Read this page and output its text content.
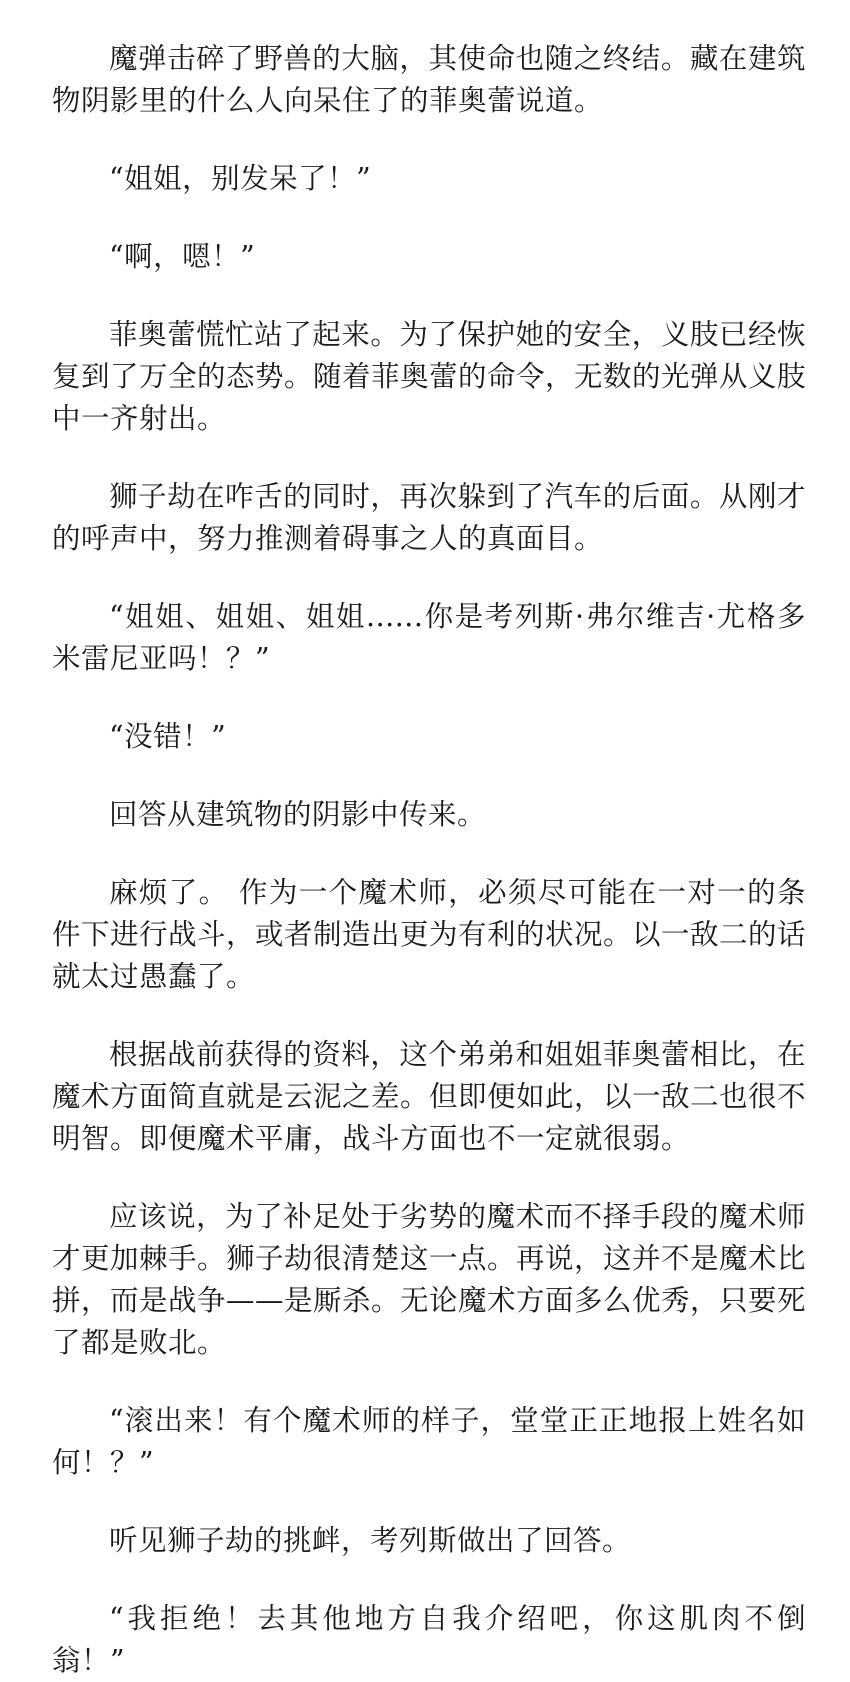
魔弹击碎了野兽的大脑，其使命也随之终结。藏在建筑物阴影里的什么人向呆住了的菲奥蕾说道。

“姐姐，别发呆了！”

“啊，嗯！”

菲奥蕾慌忙站了起来。为了保护她的安全，义肢已经恢复到了万全的态势。随着菲奥蕾的命令，无数的光弹从义肢中一齐射出。

狮子劫在咋舌的同时，再次躲到了汽车的后面。从刚才的呼声中，努力推测着碍事之人的真面目。

“姐姐、姐姐、姐姐......你是考列斯·弗尔维吉·尤格多米雷尼亚吗！？”

“没错！”

回答从建筑物的阴影中传来。

麻烦了。 作为一个魔术师，必须尽可能在一对一的条件下进行战斗，或者制造出更为有利的状况。以一敌二的话就太过愚蠢了。

根据战前获得的资料，这个弟弟和姐姐菲奥蕾相比，在魔术方面简直就是云泥之差。但即便如此，以一敌二也很不明智。即便魔术平庸，战斗方面也不一定就很弱。

应该说，为了补足处于劣势的魔术而不择手段的魔术师才更加棘手。狮子劫很清楚这一点。再说，这并不是魔术比拼，而是战争——是厮杀。无论魔术方面多么优秀，只要死了都是败北。

“滚出来！有个魔术师的样子，堂堂正正地报上姓名如何！？”

听见狮子劫的挑衅，考列斯做出了回答。

“我拒绝！去其他地方自我介绍吧，你这肌肉不倒翁！”
